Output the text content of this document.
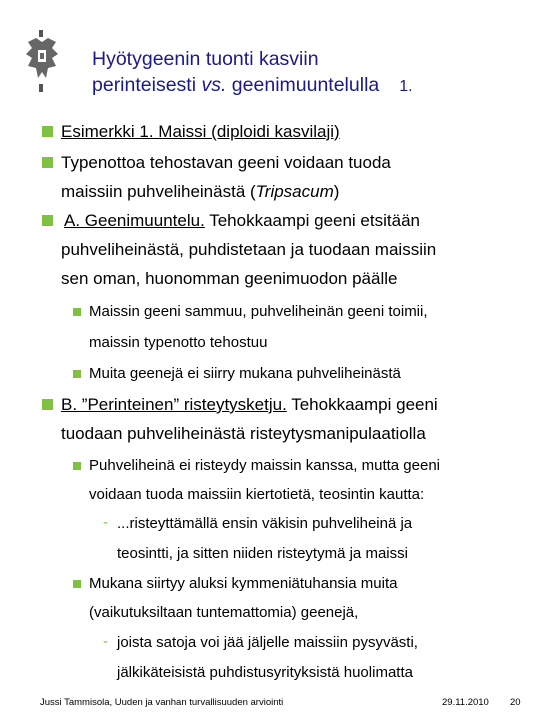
Hyötygeenin tuonti kasviin
perinteisesti vs. geenimuuntelulla 1.
Esimerkki 1. Maissi (diploidi kasvilaji)
Typenottoa tehostavan geeni voidaan tuoda
maissiin puhveliheinästä (Tripsacum)
A. Geenimuuntelu. Tehokkaampi geeni etsitään
puhveliheinästä, puhdistetaan ja tuodaan maissiin
sen oman, huonomman geenimuodon päälle
Maissin geeni sammuu, puhveliheinän geeni toimii,
maissin typenotto tehostuu
Muita geenejä ei siirry mukana puhveliheinästä
B. ”Perinteinen” risteytysketju. Tehokkaampi geeni
tuodaan puhveliheinästä risteytysmanipulaatiolla
Puhveliheinä ei risteydy maissin kanssa, mutta geeni
voidaan tuoda maissiin kiertotietä, teosintin kautta:
- ...risteyttämällä ensin väkisin puhveliheinä ja
teosintti, ja sitten niiden risteytymä ja maissi
Mukana siirtyy aluksi kymmeniätuhansia muita
(vaikutuksiltaan tuntemattomia) geenejä,
- joista satoja voi jää jäljelle maissiin pysyvästi,
jälkikäteisistä puhdistusyrityksistä huolimatta
Jussi Tammisola, Uuden ja vanhan turvallisuuden arviointi	29.11.2010 20
